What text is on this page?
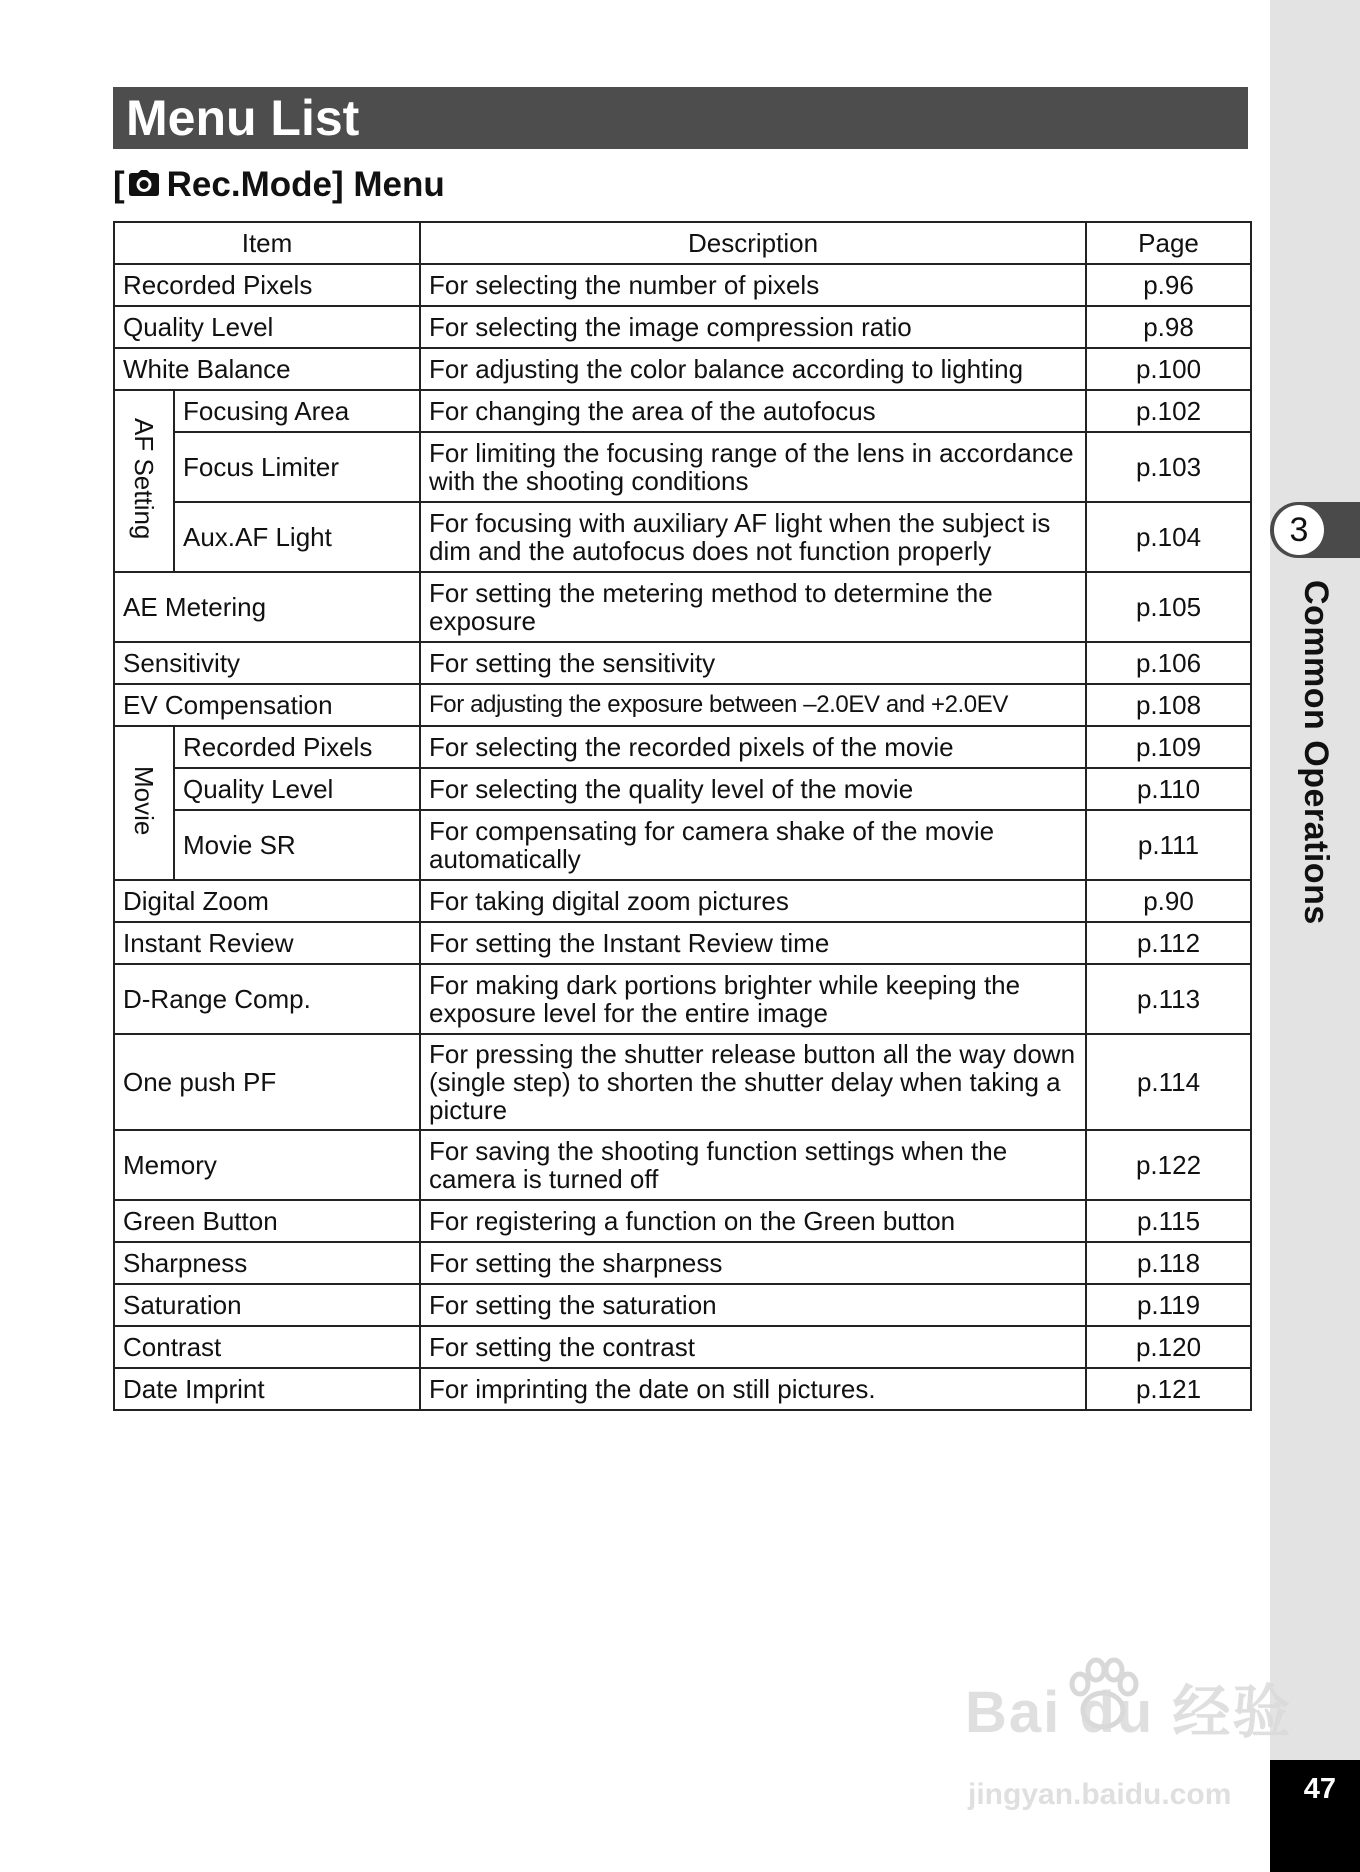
3
Common Operations
47
Menu List
[ Rec.Mode] Menu
Item		Description	Page
Recorded Pixels		For selecting the number of pixels	p.96
Quality Level		For selecting the image compression ratio	p.98
White Balance		For adjusting the color balance according to lighting	p.100
AF Setting	Focusing Area	For changing the area of the autofocus	p.102
	Focus Limiter	For limiting the focusing range of the lens in accordance with the shooting conditions	p.103
	Aux.AF Light	For focusing with auxiliary AF light when the subject is dim and the autofocus does not function properly	p.104
AE Metering		For setting the metering method to determine the exposure	p.105
Sensitivity		For setting the sensitivity	p.106
EV Compensation		For adjusting the exposure between –2.0EV and +2.0EV	p.108
Movie	Recorded Pixels	For selecting the recorded pixels of the movie	p.109
	Quality Level	For selecting the quality level of the movie	p.110
	Movie SR	For compensating for camera shake of the movie automatically	p.111
Digital Zoom		For taking digital zoom pictures	p.90
Instant Review		For setting the Instant Review time	p.112
D-Range Comp.		For making dark portions brighter while keeping the exposure level for the entire image	p.113
One push PF		For pressing the shutter release button all the way down (single step) to shorten the shutter delay when taking a picture	p.114
Memory		For saving the shooting function settings when the camera is turned off	p.122
Green Button		For registering a function on the Green button	p.115
Sharpness		For setting the sharpness	p.118
Saturation		For setting the saturation	p.119
Contrast		For setting the contrast	p.120
Date Imprint		For imprinting the date on still pictures.	p.121
Bai du 经验
jingyan.baidu.com
